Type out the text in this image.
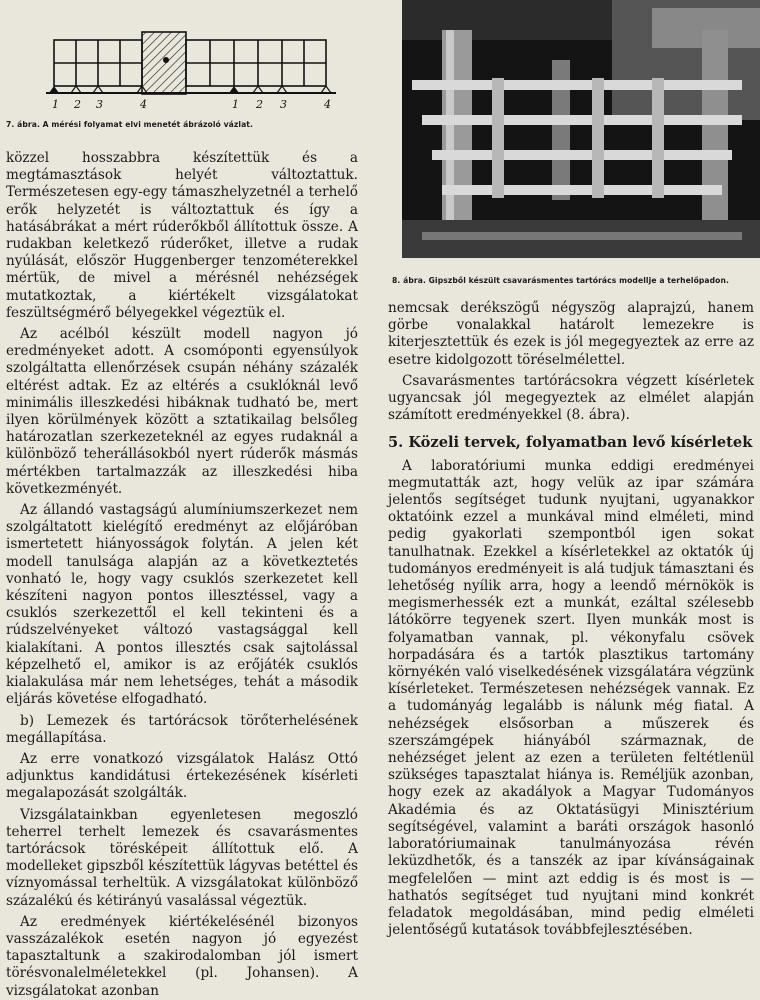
1 2 3	4	1 2 3	4
7. ábra. A mérési folyamat elvi menetét ábrázoló vázlat.
8. ábra. Gipszből készült csavarásmentes tartórács modellje a terhelőpadon.

közzel hosszabbra készítettük és a megtámasztások helyét változtattuk. Természetesen egy-egy támaszhelyzetnél a terhelő erők helyzetét is változtattuk és így a hatásábrákat a mért rúderőkből állítottuk össze. A rudakban keletkező rúderőket, illetve a rudak nyúlását, először Huggenberger tenzométerekkel mértük, de mivel a mérésnél nehézségek mutatkoztak, a kiértékelt vizsgálatokat feszültségmérő bélyegekkel végeztük el.

Az acélból készült modell nagyon jó eredményeket adott. A csomóponti egyensúlyok szolgáltatta ellenőrzések csupán néhány százalék eltérést adtak. Ez az eltérés a csuklóknál levő minimális illeszkedési hibáknak tudható be, mert ilyen körülmények között a sztatikailag belsőleg határozatlan szerkezeteknél az egyes rudaknál a különböző teherállásokból nyert rúderők másmás mértékben tartalmazzák az illeszkedési hiba következményét.

Az állandó vastagságú alumíniumszerkezet nem szolgáltatott kielégítő eredményt az előjáróban ismertetett hiányosságok folytán. A jelen két modell tanulsága alapján az a következtetés vonható le, hogy vagy csuklós szerkezetet kell készíteni nagyon pontos illesztéssel, vagy a csuklós szerkezettől el kell tekinteni és a rúdszelvényeket változó vastagsággal kell kialakítani. A pontos illesztés csak sajtolással képzelhető el, amikor is az erőjáték csuklós kialakulása már nem lehetséges, tehát a második eljárás követése elfogadható.

b) Lemezek és tartórácsok törőterhelésének megállapítása.

Az erre vonatkozó vizsgálatok Halász Ottó adjunktus kandidátusi értekezésének kísérleti megalapozását szolgálták.

Vizsgálatainkban egyenletesen megoszló teherrel terhelt lemezek és csavarásmentes tartórácsok törésképeit állítottuk elő. A modelleket gipszből készítettük lágyvas betéttel és víznyomással terheltük. A vizsgálatokat különböző százalékú és kétirányú vasalással végeztük.

Az eredmények kiértékelésénél bizonyos vasszázalékok esetén nagyon jó egyezést tapasztaltunk a szakirodalomban jól ismert törésvonalelméletekkel (pl. Johansen). A vizsgálatokat azonban

nemcsak derékszögű négyszög alaprajzú, hanem görbe vonalakkal határolt lemezekre is kiterjesztettük és ezek is jól megegyeztek az erre az esetre kidolgozott töréselmélettel.

Csavarásmentes tartórácsokra végzett kísérletek ugyancsak jól megegyeztek az elmélet alapján számított eredményekkel (8. ábra).

5. Közeli tervek, folyamatban levő kísérletek

A laboratóriumi munka eddigi eredményei megmutatták azt, hogy velük az ipar számára jelentős segítséget tudunk nyujtani, ugyanakkor oktatóink ezzel a munkával mind elméleti, mind pedig gyakorlati szempontból igen sokat tanulhatnak. Ezekkel a kísérletekkel az oktatók új tudományos eredményeit is alá tudjuk támasztani és lehetőség nyílik arra, hogy a leendő mérnökök is megismerhessék ezt a munkát, ezáltal szélesebb látókörre tegyenek szert. Ilyen munkák most is folyamatban vannak, pl. vékonyfalu csövek horpadására és a tartók plasztikus tartomány környékén való viselkedésének vizsgálatára végzünk kísérleteket. Természetesen nehézségek vannak. Ez a tudományág legalább is nálunk még fiatal. A nehézségek elsősorban a műszerek és szerszámgépek hiányából származnak, de nehézséget jelent az ezen a területen feltétlenül szükséges tapasztalat hiánya is. Reméljük azonban, hogy ezek az akadályok a Magyar Tudományos Akadémia és az Oktatásügyi Minisztérium segítségével, valamint a baráti országok hasonló laboratóriumainak tanulmányozása révén leküzdhetők, és a tanszék az ipar kívánságainak megfelelően — mint azt eddig is és most is — hathatós segítséget tud nyujtani mind konkrét feladatok megoldásában, mind pedig elméleti jelentőségű kutatások továbbfejlesztésében.
